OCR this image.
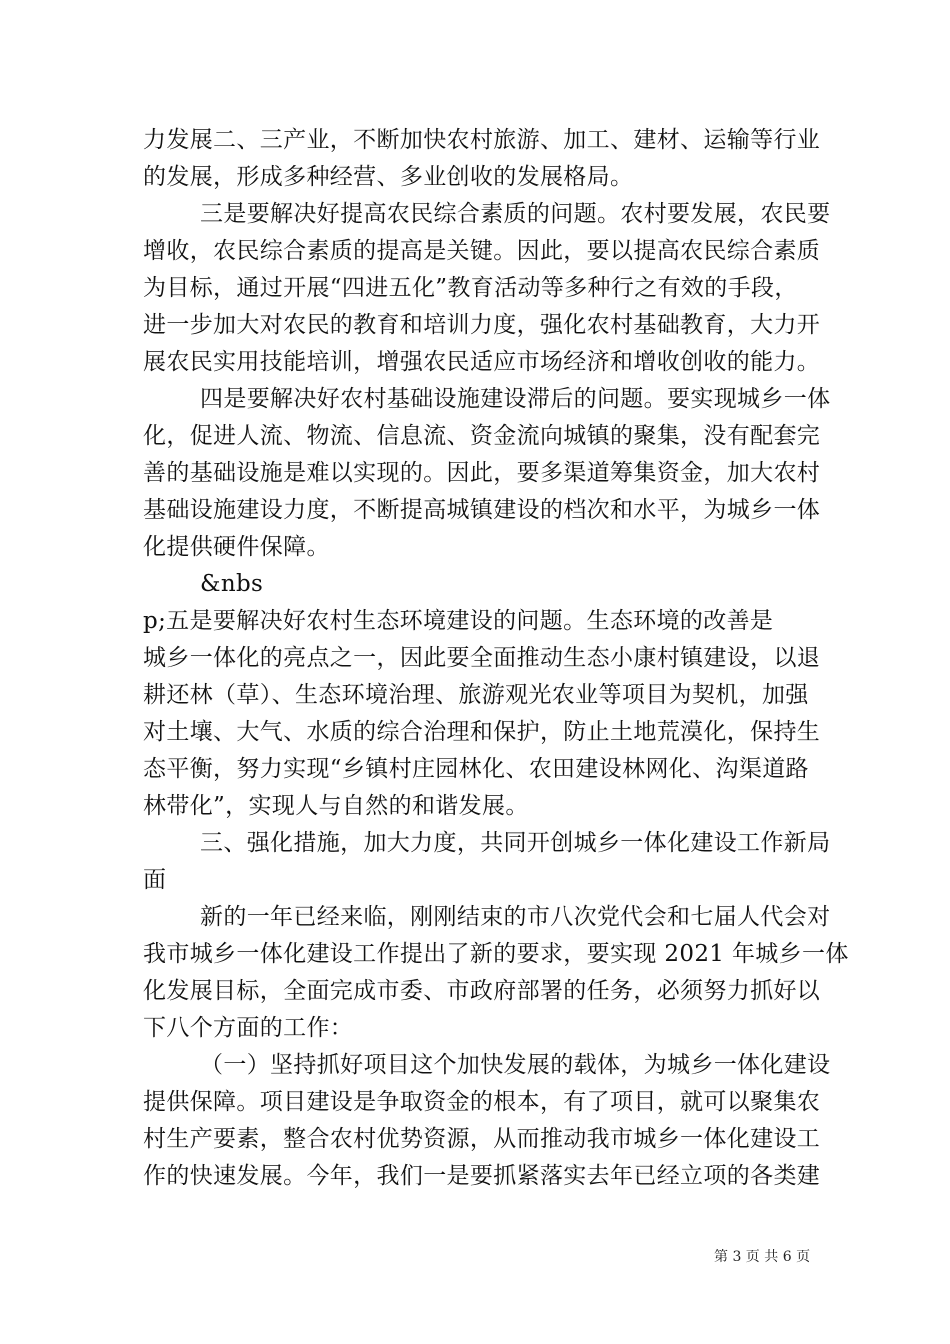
力发展二、三产业，不断加快农村旅游、加工、建材、运输等行业
的发展，形成多种经营、多业创收的发展格局。
三是要解决好提高农民综合素质的问题。农村要发展，农民要
增收，农民综合素质的提高是关键。因此，要以提高农民综合素质
为目标，通过开展“四进五化”教育活动等多种行之有效的手段，
进一步加大对农民的教育和培训力度，强化农村基础教育，大力开
展农民实用技能培训，增强农民适应市场经济和增收创收的能力。
四是要解决好农村基础设施建设滞后的问题。要实现城乡一体
化，促进人流、物流、信息流、资金流向城镇的聚集，没有配套完
善的基础设施是难以实现的。因此，要多渠道筹集资金，加大农村
基础设施建设力度，不断提高城镇建设的档次和水平，为城乡一体
化提供硬件保障。
&nbs
p;五是要解决好农村生态环境建设的问题。生态环境的改善是
城乡一体化的亮点之一，因此要全面推动生态小康村镇建设，以退
耕还林（草）、生态环境治理、旅游观光农业等项目为契机，加强
对土壤、大气、水质的综合治理和保护，防止土地荒漠化，保持生
态平衡，努力实现“乡镇村庄园林化、农田建设林网化、沟渠道路
林带化”，实现人与自然的和谐发展。
三、强化措施，加大力度，共同开创城乡一体化建设工作新局
面
新的一年已经来临，刚刚结束的市八次党代会和七届人代会对
我市城乡一体化建设工作提出了新的要求，要实现 2021 年城乡一体
化发展目标，全面完成市委、市政府部署的任务，必须努力抓好以
下八个方面的工作：
（一）坚持抓好项目这个加快发展的载体，为城乡一体化建设
提供保障。项目建设是争取资金的根本，有了项目，就可以聚集农
村生产要素，整合农村优势资源，从而推动我市城乡一体化建设工
作的快速发展。今年，我们一是要抓紧落实去年已经立项的各类建
第 3 页 共 6 页
